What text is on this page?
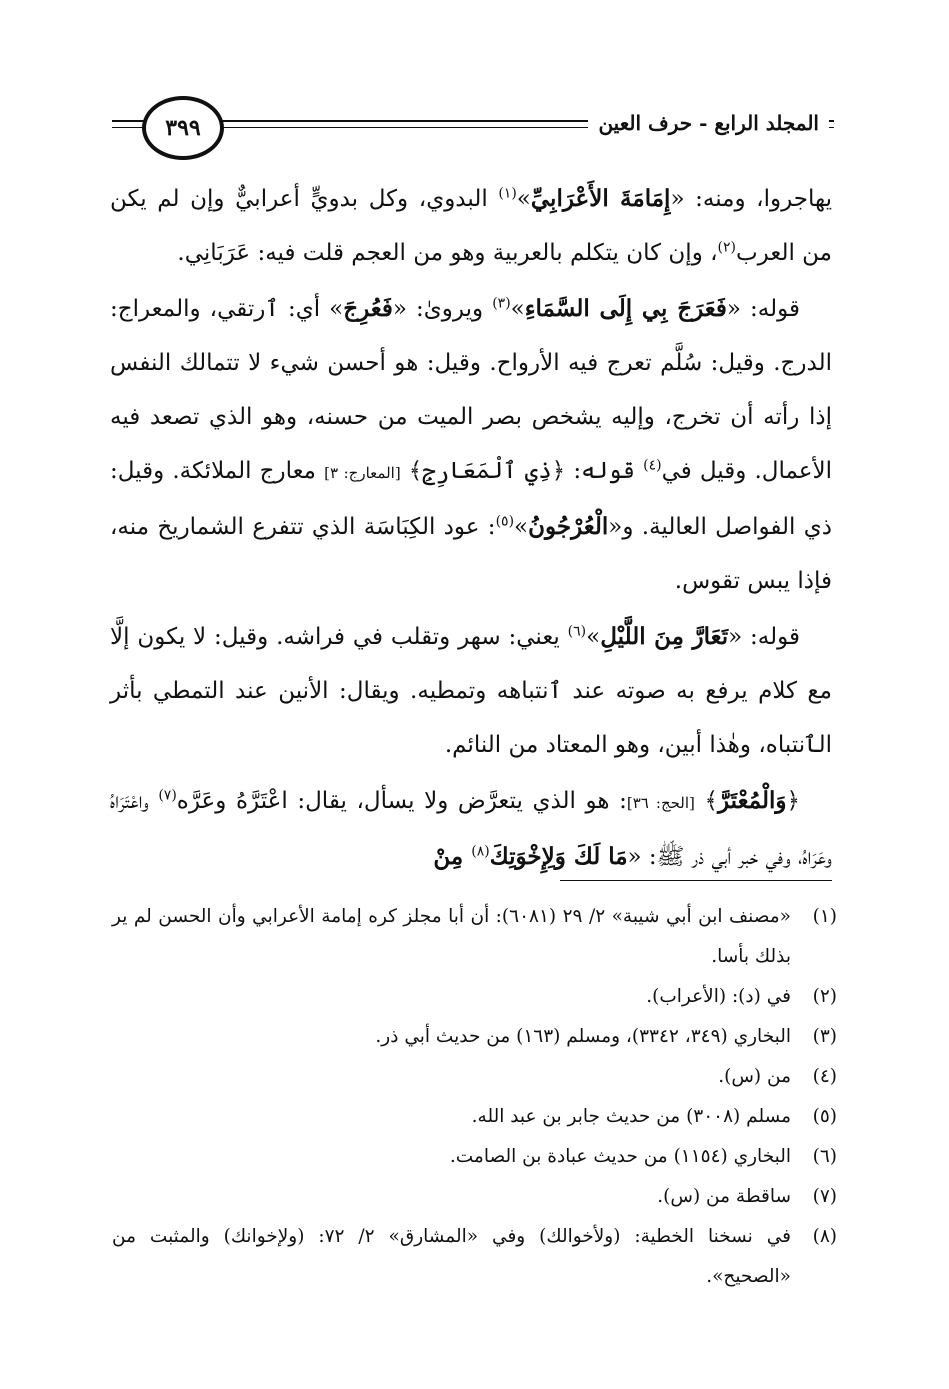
المجلد الرابع - حرف العين
٣٩٩

يهاجروا، ومنه: «إِمَامَةَ الأَعْرَابِيِّ»$^{(١)}$ البدوي، وكل بدويٍّ أعرابيٌّ وإن لم يكن من العرب$^{(٢)}$، وإن كان يتكلم بالعربية وهو من العجم قلت فيه: عَرَبَانِي.

قوله: «فَعَرَجَ بِي إِلَى السَّمَاءِ»$^{(٣)}$ ويروىٰ: «فَعُرِجَ» أي: ٱرتقي، والمعراج: الدرج. وقيل: سُلَّم تعرج فيه الأرواح. وقيل: هو أحسن شيء لا تتمالك النفس إذا رأته أن تخرج، وإليه يشخص بصر الميت من حسنه، وهو الذي تصعد فيه الأعمال. وقيل في$^{(٤)}$ قوله: ﴿ذِي ٱلْمَعَارِجِ﴾ [المعارج: ٣] معارج الملائكة. وقيل: ذي الفواصل العالية. و«الْعُرْجُونُ»$^{(٥)}$: عود الكِبَاسَة الذي تتفرع الشماريخ منه، فإذا يبس تقوس.

قوله: «تَعَارَّ مِنَ اللَّيْلِ»$^{(٦)}$ يعني: سهر وتقلب في فراشه. وقيل: لا يكون إلَّا مع كلام يرفع به صوته عند ٱنتباهه وتمطيه. ويقال: الأنين عند التمطي بأثر الٱنتباه، وهٰذا أبين، وهو المعتاد من النائم.

﴿وَالْمُعْتَرَّ﴾ [الحج: ٣٦]: هو الذي يتعرَّض ولا يسأل، يقال: اعْتَرَّهُ وعَرَّه$^{(٧)}$ واعْتَرَاهُ وعَرَاهُ، وفي خبر أبي ذر ﷺ: «مَا لَكَ وَلِإِخْوَتِكَ$^{(٨)}$ مِنْ

(١)
«مصنف ابن أبي شيبة» ٢/ ٢٩ (٦٠٨١): أن أبا مجلز كره إمامة الأعرابي وأن الحسن لم ير بذلك بأسا.
(٢)
في (د): (الأعراب).
(٣)
البخاري (٣٤٩، ٣٣٤٢)، ومسلم (١٦٣) من حديث أبي ذر.
(٤)
من (س).
(٥)
مسلم (٣٠٠٨) من حديث جابر بن عبد الله.
(٦)
البخاري (١١٥٤) من حديث عبادة بن الصامت.
(٧)
ساقطة من (س).
(٨)
في نسخنا الخطية: (ولأخوالك) وفي «المشارق» ٢/ ٧٢: (ولإخوانك) والمثبت من «الصحيح».
